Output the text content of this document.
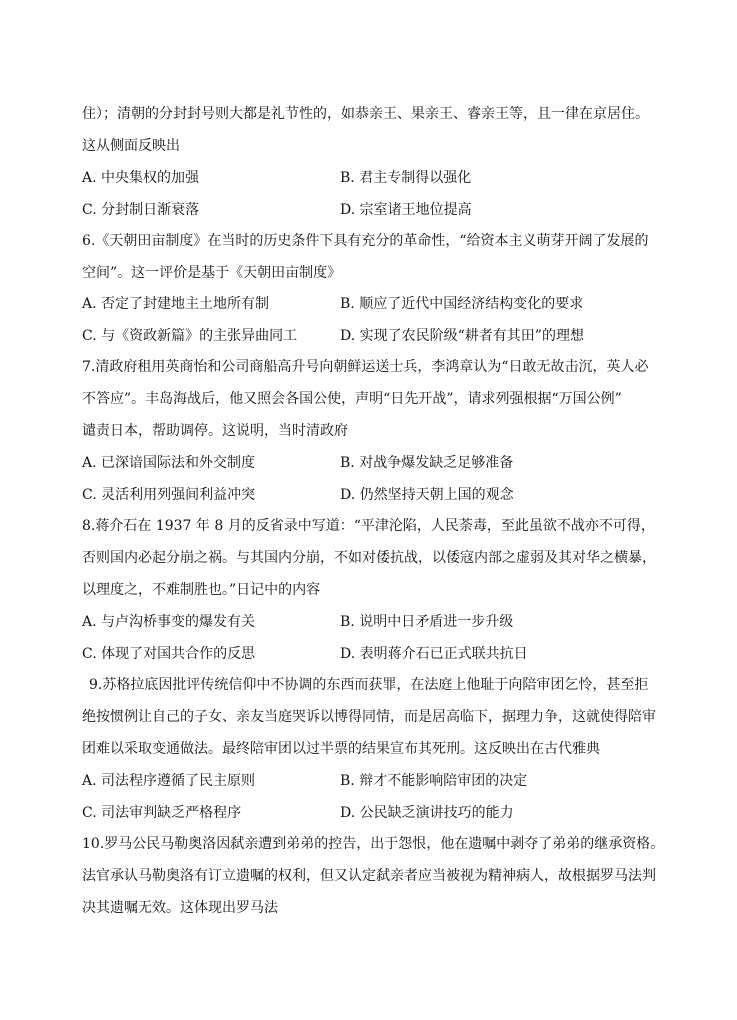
住）；清朝的分封封号则大都是礼节性的，如恭亲王、果亲王、睿亲王等，且一律在京居住。
这从侧面反映出
A. 中央集权的加强	B. 君主专制得以强化
C. 分封制日渐衰落	D. 宗室诸王地位提高
6.《天朝田亩制度》在当时的历史条件下具有充分的革命性，“给资本主义萌芽开阔了发展的
空间”。这一评价是基于《天朝田亩制度》
A. 否定了封建地主土地所有制	B. 顺应了近代中国经济结构变化的要求
C. 与《资政新篇》的主张异曲同工	D. 实现了农民阶级“耕者有其田”的理想
7.清政府租用英商怡和公司商船高升号向朝鲜运送士兵，李鸿章认为“日敢无故击沉，英人必
不答应”。丰岛海战后，他又照会各国公使，声明“日先开战”，请求列强根据“万国公例”
谴责日本，帮助调停。这说明，当时清政府
A. 已深谙国际法和外交制度	B. 对战争爆发缺乏足够准备
C. 灵活利用列强间利益冲突	D. 仍然坚持天朝上国的观念
8.蒋介石在 1937 年 8 月的反省录中写道：“平津沦陷，人民荼毒，至此虽欲不战亦不可得，
否则国内必起分崩之祸。与其国内分崩，不如对倭抗战，以倭寇内部之虚弱及其对华之横暴，
以理度之，不难制胜也。”日记中的内容
A. 与卢沟桥事变的爆发有关	B. 说明中日矛盾进一步升级
C. 体现了对国共合作的反思	D. 表明蒋介石已正式联共抗日
9.苏格拉底因批评传统信仰中不协调的东西而获罪，在法庭上他耻于向陪审团乞怜，甚至拒
绝按惯例让自己的子女、亲友当庭哭诉以博得同情，而是居高临下，据理力争，这就使得陪审
团难以采取变通做法。最终陪审团以过半票的结果宣布其死刑。这反映出在古代雅典
A. 司法程序遵循了民主原则	B. 辩才不能影响陪审团的决定
C. 司法审判缺乏严格程序	D. 公民缺乏演讲技巧的能力
10.罗马公民马勒奥洛因弑亲遭到弟弟的控告，出于怨恨，他在遗嘱中剥夺了弟弟的继承资格。
法官承认马勒奥洛有订立遗嘱的权利，但又认定弑亲者应当被视为精神病人，故根据罗马法判
决其遗嘱无效。这体现出罗马法
